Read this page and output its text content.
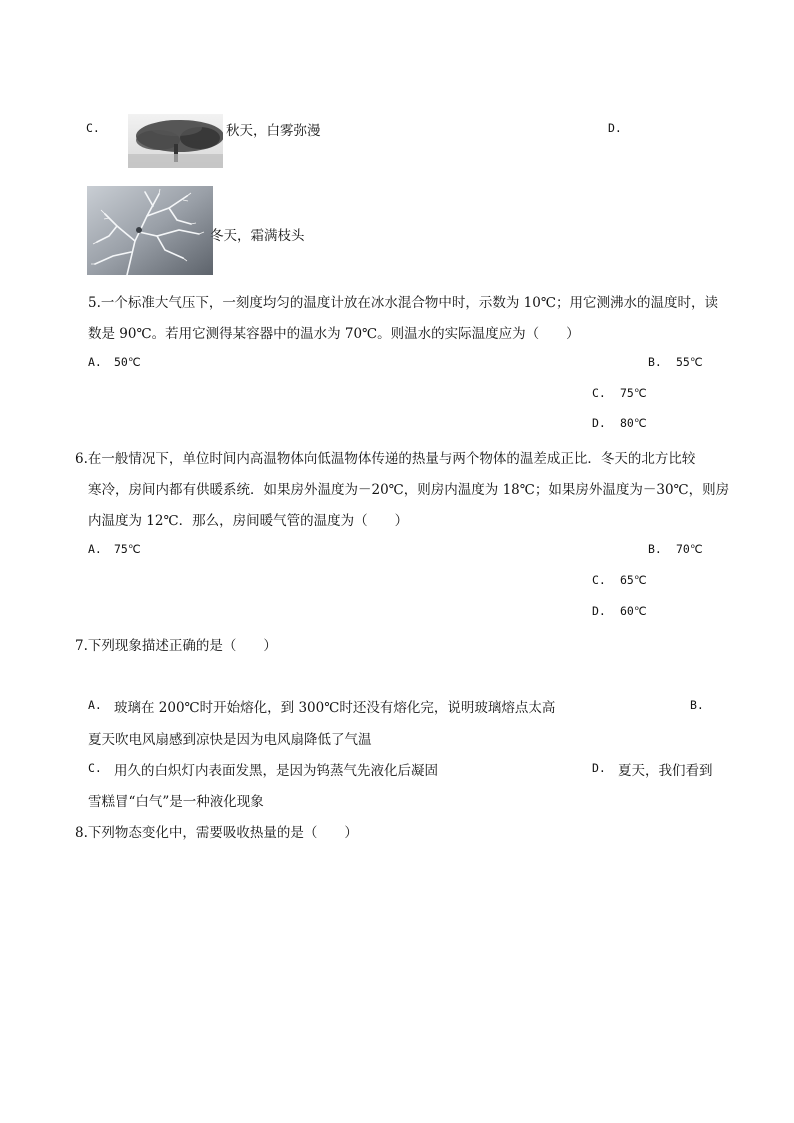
C.	秋天，白雾弥漫	D.
冬天，霜满枝头
5.一个标准大气压下，一刻度均匀的温度计放在冰水混合物中时，示数为 10℃；用它测沸水的温度时，读
数是 90℃。若用它测得某容器中的温水为 70℃。则温水的实际温度应为（　　）
A. 50℃	B. 55℃
C. 75℃
D. 80℃
6.在一般情况下，单位时间内高温物体向低温物体传递的热量与两个物体的温差成正比．冬天的北方比较
寒冷，房间内都有供暖系统．如果房外温度为－20℃，则房内温度为 18℃；如果房外温度为－30℃，则房
内温度为 12℃．那么，房间暖气管的温度为（　　）
A. 75℃	B. 70℃
C. 65℃
D. 60℃
7.下列现象描述正确的是（　　）
A. 玻璃在 200℃时开始熔化，到 300℃时还没有熔化完，说明玻璃熔点太高	B.
夏天吹电风扇感到凉快是因为电风扇降低了气温
C. 用久的白炽灯内表面发黑，是因为钨蒸气先液化后凝固	D. 夏天，我们看到
雪糕冒“白气”是一种液化现象
8.下列物态变化中，需要吸收热量的是（　　）
